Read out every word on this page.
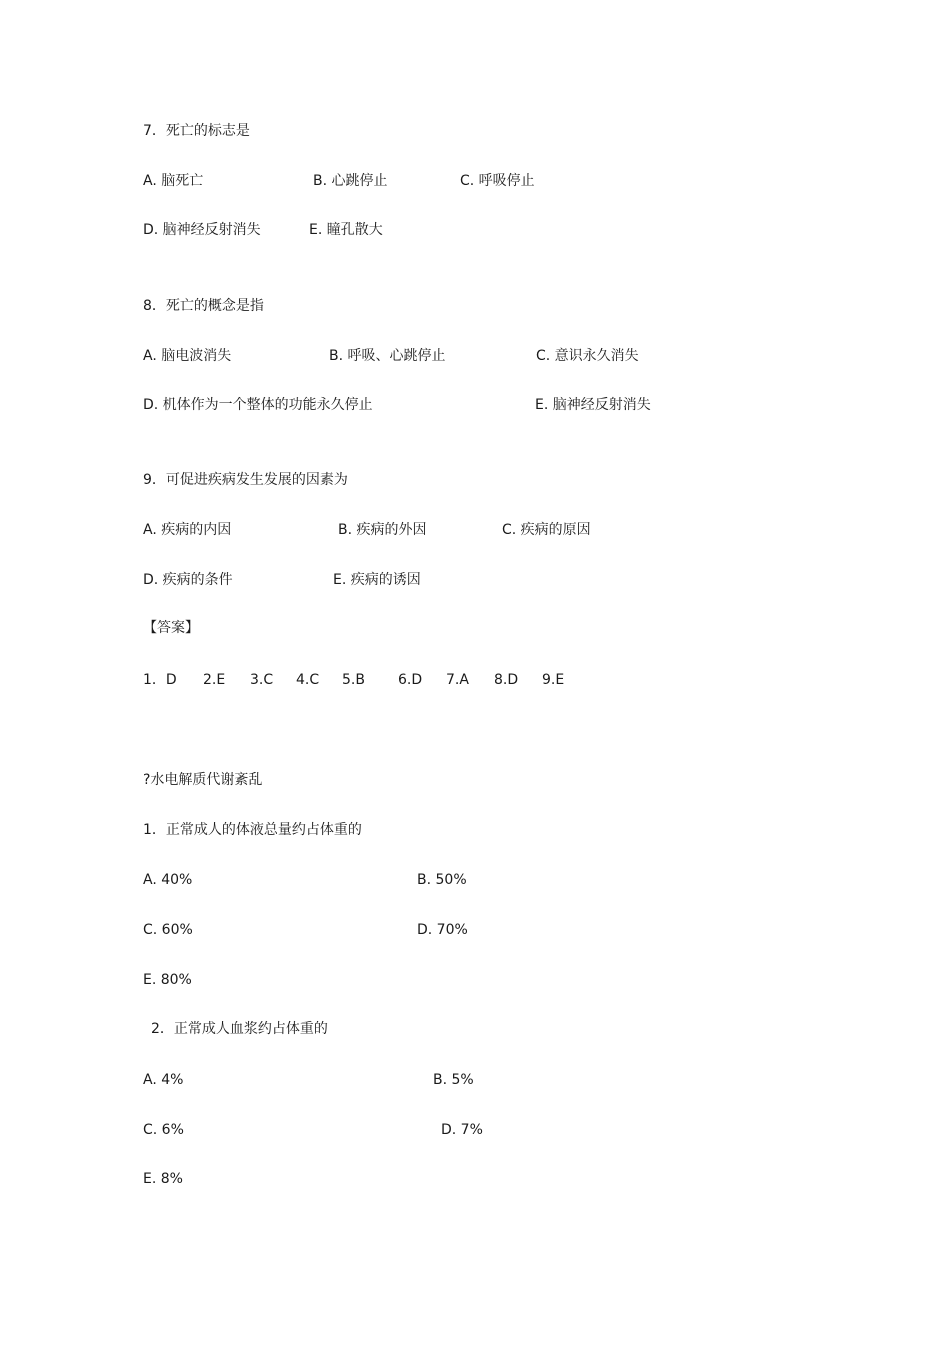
7．死亡的标志是
A. 脑死亡	B. 心跳停止	C. 呼吸停止
D. 脑神经反射消失	E. 瞳孔散大
8．死亡的概念是指
A. 脑电波消失	B. 呼吸、心跳停止	C. 意识永久消失
D. 机体作为一个整体的功能永久停止	E. 脑神经反射消失
9．可促进疾病发生发展的因素为
A. 疾病的内因	B. 疾病的外因	C. 疾病的原因
D. 疾病的条件	E. 疾病的诱因
【答案】
1．D 2.E 3.C 4.C 5.B 6.D 7.A 8.D 9.E
?水电解质代谢紊乱
1．正常成人的体液总量约占体重的
A. 40%	B. 50%
C. 60%	D. 70%
E. 80%
2．正常成人血浆约占体重的
A. 4%	B. 5%
C. 6%	D. 7%
E. 8%
